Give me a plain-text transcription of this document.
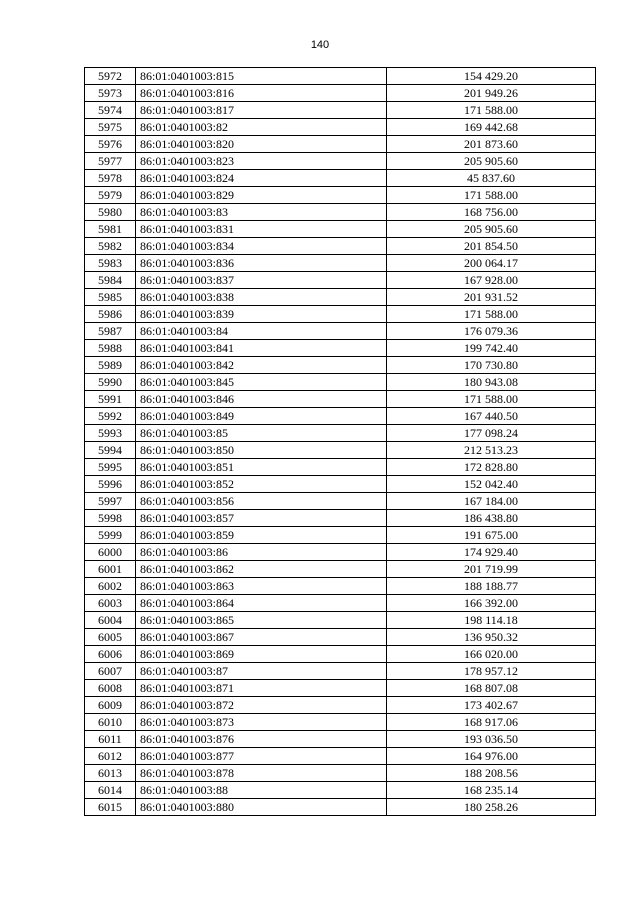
140
5972	86:01:0401003:815	154 429.20
5973	86:01:0401003:816	201 949.26
5974	86:01:0401003:817	171 588.00
5975	86:01:0401003:82	169 442.68
5976	86:01:0401003:820	201 873.60
5977	86:01:0401003:823	205 905.60
5978	86:01:0401003:824	45 837.60
5979	86:01:0401003:829	171 588.00
5980	86:01:0401003:83	168 756.00
5981	86:01:0401003:831	205 905.60
5982	86:01:0401003:834	201 854.50
5983	86:01:0401003:836	200 064.17
5984	86:01:0401003:837	167 928.00
5985	86:01:0401003:838	201 931.52
5986	86:01:0401003:839	171 588.00
5987	86:01:0401003:84	176 079.36
5988	86:01:0401003:841	199 742.40
5989	86:01:0401003:842	170 730.80
5990	86:01:0401003:845	180 943.08
5991	86:01:0401003:846	171 588.00
5992	86:01:0401003:849	167 440.50
5993	86:01:0401003:85	177 098.24
5994	86:01:0401003:850	212 513.23
5995	86:01:0401003:851	172 828.80
5996	86:01:0401003:852	152 042.40
5997	86:01:0401003:856	167 184.00
5998	86:01:0401003:857	186 438.80
5999	86:01:0401003:859	191 675.00
6000	86:01:0401003:86	174 929.40
6001	86:01:0401003:862	201 719.99
6002	86:01:0401003:863	188 188.77
6003	86:01:0401003:864	166 392.00
6004	86:01:0401003:865	198 114.18
6005	86:01:0401003:867	136 950.32
6006	86:01:0401003:869	166 020.00
6007	86:01:0401003:87	178 957.12
6008	86:01:0401003:871	168 807.08
6009	86:01:0401003:872	173 402.67
6010	86:01:0401003:873	168 917.06
6011	86:01:0401003:876	193 036.50
6012	86:01:0401003:877	164 976.00
6013	86:01:0401003:878	188 208.56
6014	86:01:0401003:88	168 235.14
6015	86:01:0401003:880	180 258.26
